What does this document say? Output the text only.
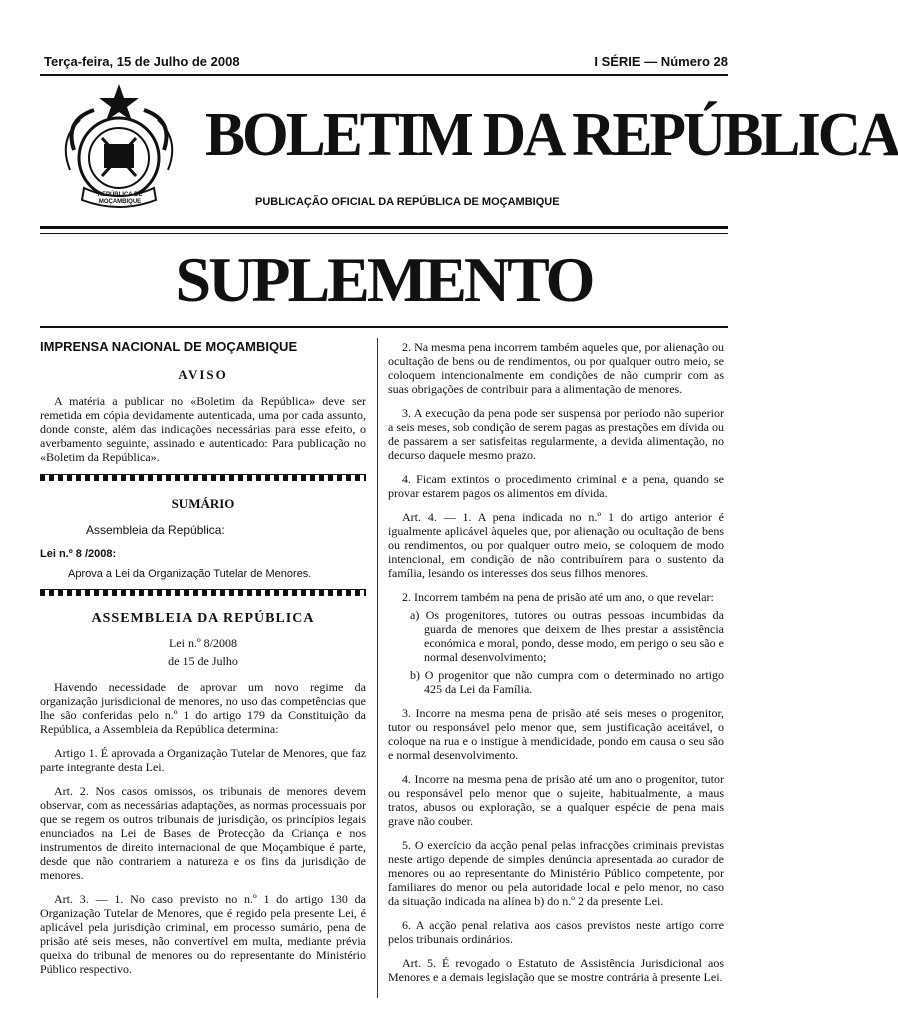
Terça-feira, 15 de Julho de 2008	I SÉRIE — Número 28
REPÚBLICA DE MOÇAMBIQUE
BOLETIM DA REPÚBLICA
PUBLICAÇÃO OFICIAL DA REPÚBLICA DE MOÇAMBIQUE
SUPLEMENTO
IMPRENSA NACIONAL DE MOÇAMBIQUE
AVISO

A matéria a publicar no «Boletim da República» deve ser remetida em cópia devidamente autenticada, uma por cada assunto, donde conste, além das indicações necessárias para esse efeito, o averbamento seguinte, assinado e autenticado: Para publicação no «Boletim da República».

SUMÁRIO
Assembleia da República:
Lei n.º 8 /2008:
Aprova a Lei da Organização Tutelar de Menores.
ASSEMBLEIA DA REPÚBLICA
Lei n.º 8/2008
de 15 de Julho

Havendo necessidade de aprovar um novo regime da organização jurisdicional de menores, no uso das competências que lhe são conferidas pelo n.º 1 do artigo 179 da Constituição da República, a Assembleia da República determina:

Artigo 1. É aprovada a Organização Tutelar de Menores, que faz parte integrante desta Lei.

Art. 2. Nos casos omissos, os tribunais de menores devem observar, com as necessárias adaptações, as normas processuais por que se regem os outros tribunais de jurisdição, os princípios legais enunciados na Lei de Bases de Protecção da Criança e nos instrumentos de direito internacional de que Moçambique é parte, desde que não contrariem a natureza e os fins da jurisdição de menores.

Art. 3. — 1. No caso previsto no n.º 1 do artigo 130 da Organização Tutelar de Menores, que é regido pela presente Lei, é aplicável pela jurisdição criminal, em processo sumário, pena de prisão até seis meses, não convertível em multa, mediante prévia queixa do tribunal de menores ou do representante do Ministério Público respectivo.

2. Na mesma pena incorrem também aqueles que, por alienação ou ocultação de bens ou de rendimentos, ou por qualquer outro meio, se coloquem intencionalmente em condições de não cumprir com as suas obrigações de contribuir para a alimentação de menores.

3. A execução da pena pode ser suspensa por período não superior a seis meses, sob condição de serem pagas as prestações em dívida ou de passarem a ser satisfeitas regularmente, a devida alimentação, no decurso daquele mesmo prazo.

4. Ficam extintos o procedimento criminal e a pena, quando se provar estarem pagos os alimentos em dívida.

Art. 4. — 1. A pena indicada no n.º 1 do artigo anterior é igualmente aplicável àqueles que, por alienação ou ocultação de bens ou rendimentos, ou por qualquer outro meio, se coloquem de modo intencional, em condição de não contribuírem para o sustento da família, lesando os interesses dos seus filhos menores.

2. Incorrem também na pena de prisão até um ano, o que revelar:

a) Os progenitores, tutores ou outras pessoas incumbidas da guarda de menores que deixem de lhes prestar a assistência económica e moral, pondo, desse modo, em perigo o seu são e normal desenvolvimento;

b) O progenitor que não cumpra com o determinado no artigo 425 da Lei da Família.

3. Incorre na mesma pena de prisão até seis meses o progenitor, tutor ou responsável pelo menor que, sem justificação aceitável, o coloque na rua e o instigue à mendicidade, pondo em causa o seu são e normal desenvolvimento.

4. Incorre na mesma pena de prisão até um ano o progenitor, tutor ou responsável pelo menor que o sujeite, habitualmente, a maus tratos, abusos ou exploração, se a qualquer espécie de pena mais grave não couber.

5. O exercício da acção penal pelas infracções criminais previstas neste artigo depende de simples denúncia apresentada ao curador de menores ou ao representante do Ministério Público competente, por familiares do menor ou pela autoridade local e pelo menor, no caso da situação indicada na alínea b) do n.º 2 da presente Lei.

6. A acção penal relativa aos casos previstos neste artigo corre pelos tribunais ordinários.

Art. 5. É revogado o Estatuto de Assistência Jurisdicional aos Menores e a demais legislação que se mostre contrária à presente Lei.
